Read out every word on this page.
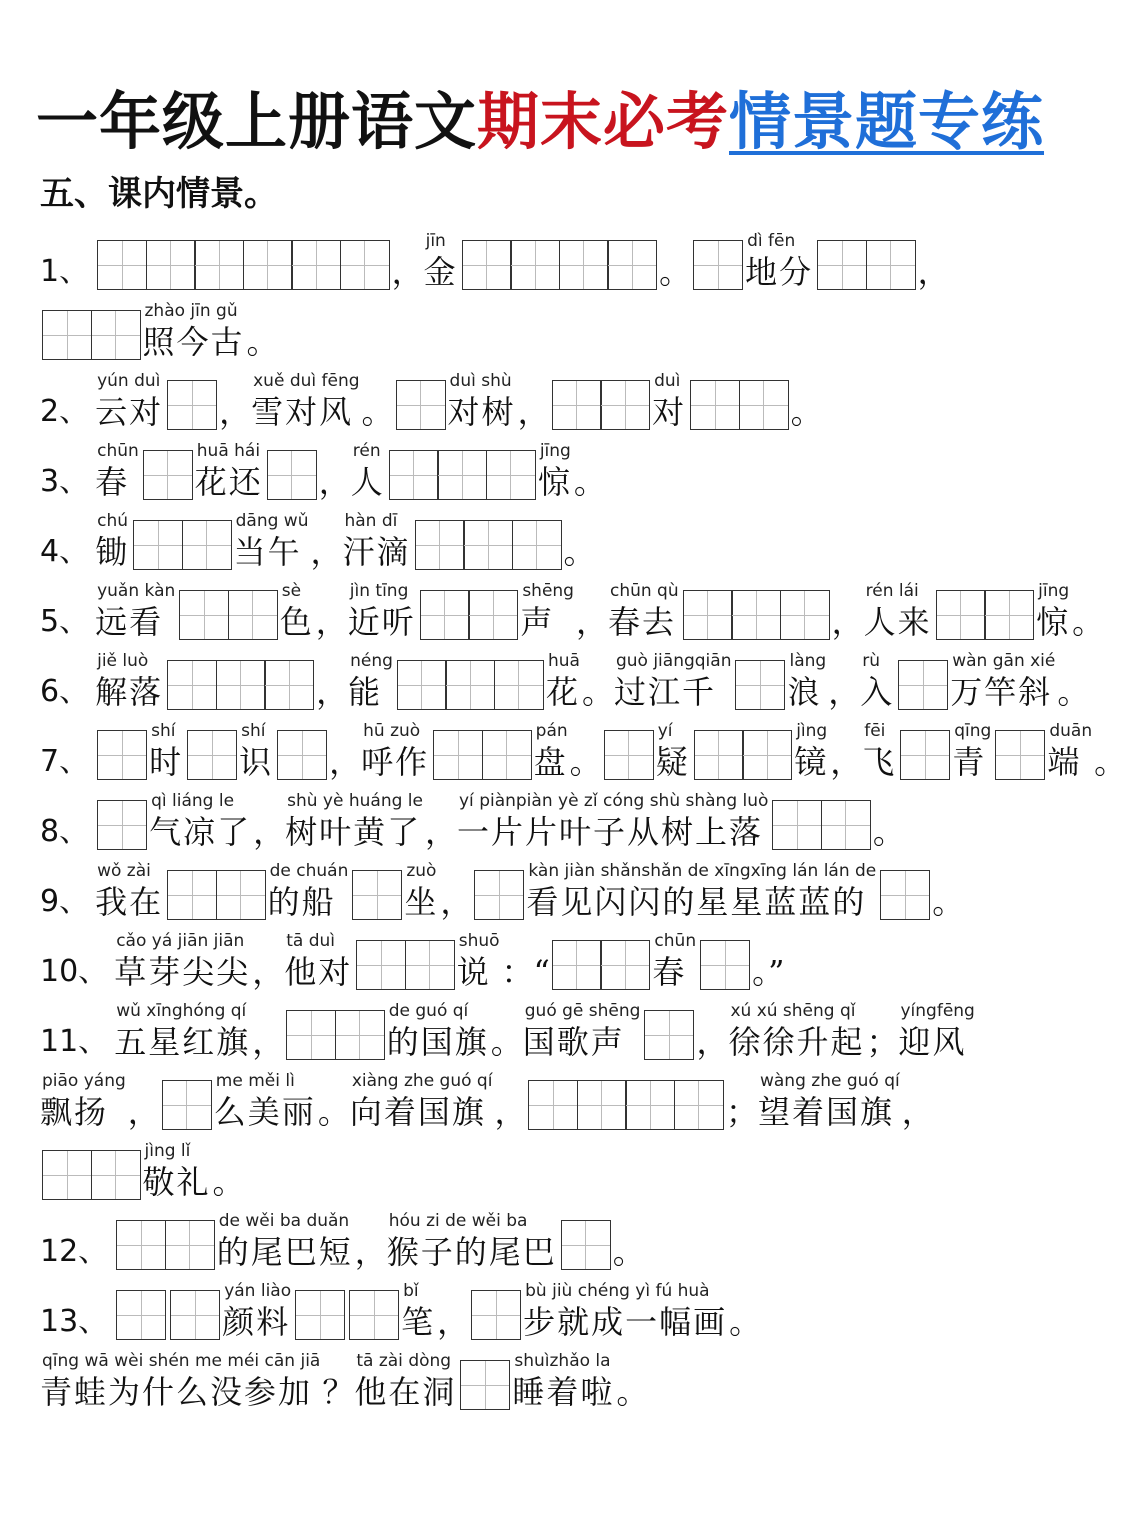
一年级上册语文期末必考情景题专练
五、课内情景。
1、	，
jīn
金	。
dì fēn
地分	，
zhào jīn gǔ
照今古 。
2、
yún duì
云对 ，
xuě duì fēng
雪对风 。
duì shù
对树 ，
duì
对	。
3、
chūn
春
huā hái
花还 ，
rén
人
jīng
惊 。
4、
chú
锄
dāng wǔ
当午 ，
hàn dī
汗滴	。
5、
yuǎn kàn
远看
sè
色 ，
jìn tīng
近听
shēng
声 ，
chūn qù
春去	，
rén lái
人来
jīng
惊 。
6、
jiě luò
解落	，
néng
能
huā
花 。
guò jiāngqiān
过江千
làng
浪 ，
rù
入
wàn gān xié
万竿斜 。
7、
shí
时
shí
识 ，
hū zuò
呼作
pán
盘 。
yí
疑
jìng
镜 ，
fēi
飞
qīng
青
duān
端 。
8、
qì liáng le
气凉了 ，
shù yè huáng le
树叶黄了 ，
yí piànpiàn yè zǐ cóng shù shàng luò
一片片叶子从树上落	。
9、
wǒ zài
我在
de chuán
的船
zuò
坐 ，
kàn jiàn shǎnshǎn de xīngxīng lán lán de
看见闪闪的星星蓝蓝的 。
10、
cǎo yá jiān jiān
草芽尖尖 ，
tā duì
他对
shuō
说 ：“
chūn
春 。”
11、
wǔ xīnghóng qí
五星红旗 ，
de guó qí
的国旗 。
guó gē shēng
国歌声 ，
xú xú shēng qǐ
徐徐升起 ；
yíngfēng
迎风
piāo yáng
飘扬 ，
me měi lì
么美丽 。
xiàng zhe guó qí
向着国旗 ，	；
wàng zhe guó qí
望着国旗 ，
jìng lǐ
敬礼 。
12、
de wěi ba duǎn
的尾巴短 ，
hóu zi de wěi ba
猴子的尾巴 。
13、
yán liào
颜料
bǐ
笔 ，
bù jiù chéng yì fú huà
步就成一幅画 。
qīng wā wèi shén me méi cān jiā
青蛙为什么没参加 ？
tā zài dòng
他在洞
shuìzhǎo la
睡着啦 。
